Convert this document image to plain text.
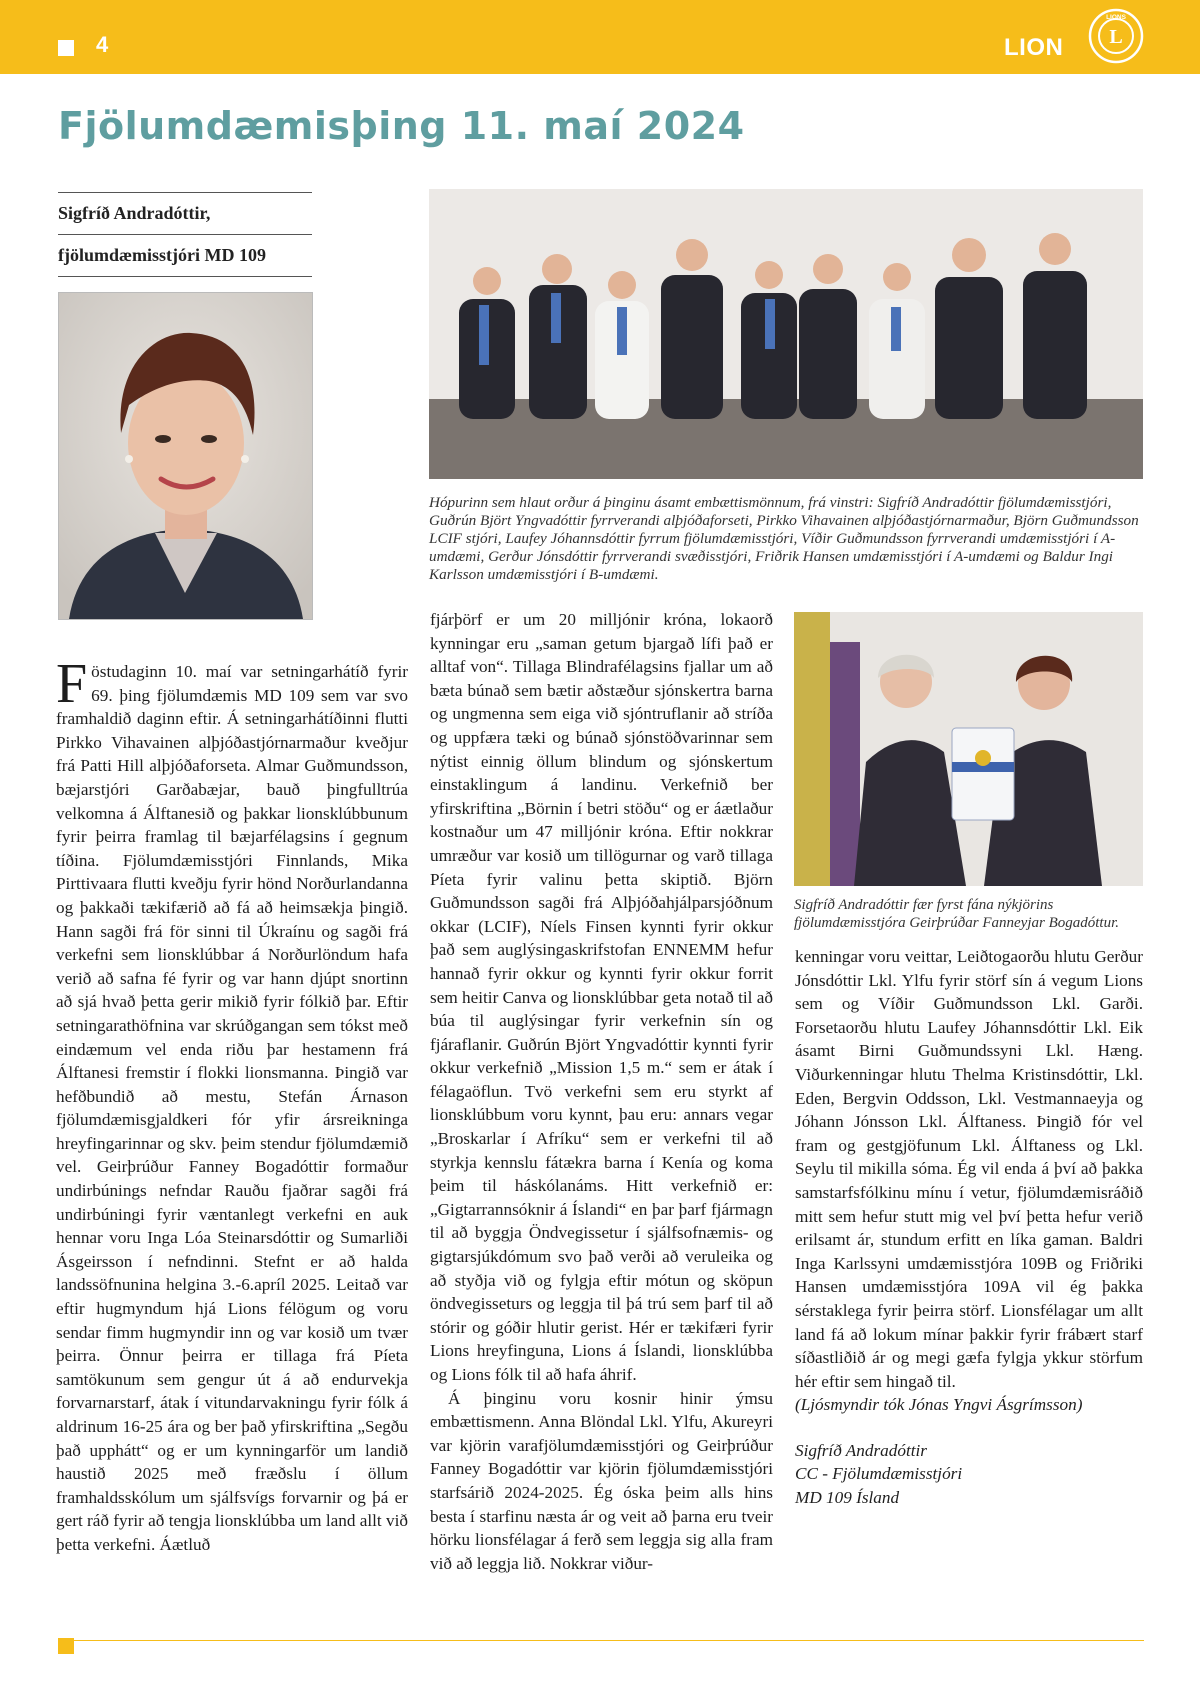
4	LION L
LIONS
Fjölumdæmisþing 11. maí 2024
Sigfríð Andradóttir,
fjölumdæmisstjóri MD 109
Hópurinn sem hlaut orður á þinginu ásamt embættismönnum, frá vinstri: Sigfríð Andradóttir fjölumdæmisstjóri, Guðrún Björt Yngvadóttir fyrrverandi alþjóðaforseti, Pirkko Vihavainen alþjóðastjórnarmaður, Björn Guðmundsson LCIF stjóri, Laufey Jóhannsdóttir fyrrum fjölumdæmisstjóri, Víðir Guðmundsson fyrrverandi umdæmisstjóri í A-umdæmi, Gerður Jónsdóttir fyrrverandi svæðisstjóri, Friðrik Hansen umdæmisstjóri í A-umdæmi og Baldur Ingi Karlsson umdæmisstjóri í B-umdæmi.
Sigfríð Andradóttir fær fyrst fána nýkjörins fjölumdæmisstjóra Geirþrúðar Fanneyjar Bogadóttur.

Föstudaginn 10. maí var setningarhátíð fyrir 69. þing fjölumdæmis MD 109 sem var svo framhaldið daginn eftir. Á setningarhátíðinni flutti Pirkko Vihavainen alþjóðastjórnarmaður kveðjur frá Patti Hill alþjóðaforseta. Almar Guðmundsson, bæjarstjóri Garðabæjar, bauð þingfulltrúa velkomna á Álftanesið og þakkar lionsklúbbunum fyrir þeirra framlag til bæjarfélagsins í gegnum tíðina. Fjölumdæmisstjóri Finnlands, Mika Pirttivaara flutti kveðju fyrir hönd Norðurlandanna og þakkaði tækifærið að fá að heimsækja þingið. Hann sagði frá för sinni til Úkraínu og sagði frá verkefni sem lionsklúbbar á Norðurlöndum hafa verið að safna fé fyrir og var hann djúpt snortinn að sjá hvað þetta gerir mikið fyrir fólkið þar. Eftir setningarathöfnina var skrúðgangan sem tókst með eindæmum vel enda riðu þar hestamenn frá Álftanesi fremstir í flokki lionsmanna. Þingið var hefðbundið að mestu, Stefán Árnason fjölumdæmisgjaldkeri fór yfir ársreikninga hreyfingarinnar og skv. þeim stendur fjölumdæmið vel. Geirþrúður Fanney Bogadóttir formaður undirbúnings nefndar Rauðu fjaðrar sagði frá undirbúningi fyrir væntanlegt verkefni en auk hennar voru Inga Lóa Steinarsdóttir og Sumarliði Ásgeirsson í nefndinni. Stefnt er að halda landssöfnunina helgina 3.-6.apríl 2025. Leitað var eftir hugmyndum hjá Lions félögum og voru sendar fimm hugmyndir inn og var kosið um tvær þeirra. Önnur þeirra er tillaga frá Píeta samtökunum sem gengur út á að endurvekja forvarnarstarf, átak í vitundarvakningu fyrir fólk á aldrinum 16-25 ára og ber það yfirskriftina „Segðu það upphátt“ og er um kynningarför um landið haustið 2025 með fræðslu í öllum framhaldsskólum um sjálfsvígs forvarnir og þá er gert ráð fyrir að tengja lionsklúbba um land allt við þetta verkefni. Áætluð

fjárþörf er um 20 milljónir króna, lokaorð kynningar eru „saman getum bjargað lífi það er alltaf von“. Tillaga Blindrafélagsins fjallar um að bæta búnað sem bætir aðstæður sjónskertra barna og ungmenna sem eiga við sjóntruflanir að stríða og uppfæra tæki og búnað sjónstöðvarinnar sem nýtist einnig öllum blindum og sjónskertum einstaklingum á landinu. Verkefnið ber yfirskriftina „Börnin í betri stöðu“ og er áætlaður kostnaður um 47 milljónir króna. Eftir nokkrar umræður var kosið um tillögurnar og varð tillaga Píeta fyrir valinu þetta skiptið. Björn Guðmundsson sagði frá Alþjóðahjálparsjóðnum okkar (LCIF), Níels Finsen kynnti fyrir okkur það sem auglýsingaskrifstofan ENNEMM hefur hannað fyrir okkur og kynnti fyrir okkur forrit sem heitir Canva og lionsklúbbar geta notað til að búa til auglýsingar fyrir verkefnin sín og fjáraflanir. Guðrún Björt Yngvadóttir kynnti fyrir okkur verkefnið „Mission 1,5 m.“ sem er átak í félagaöflun. Tvö verkefni sem eru styrkt af lionsklúbbum voru kynnt, þau eru: annars vegar „Broskarlar í Afríku“ sem er verkefni til að styrkja kennslu fátækra barna í Kenía og koma þeim til háskólanáms. Hitt verkefnið er: „Gigtarrannsóknir á Íslandi“ en þar þarf fjármagn til að byggja Öndvegissetur í sjálfsofnæmis- og gigtarsjúkdómum svo það verði að veruleika og að styðja við og fylgja eftir mótun og sköpun öndvegisseturs og leggja til þá trú sem þarf til að stórir og góðir hlutir gerist. Hér er tækifæri fyrir Lions hreyfinguna, Lions á Íslandi, lionsklúbba og Lions fólk til að hafa áhrif.

Á þinginu voru kosnir hinir ýmsu embættismenn. Anna Blöndal Lkl. Ylfu, Akureyri var kjörin varafjölumdæmisstjóri og Geirþrúður Fanney Bogadóttir var kjörin fjölumdæmisstjóri starfsárið 2024-2025. Ég óska þeim alls hins besta í starfinu næsta ár og veit að þarna eru tveir hörku lionsfélagar á ferð sem leggja sig alla fram við að leggja lið. Nokkrar viður-

kenningar voru veittar, Leiðtogaorðu hlutu Gerður Jónsdóttir Lkl. Ylfu fyrir störf sín á vegum Lions sem og Víðir Guðmundsson Lkl. Garði. Forsetaorðu hlutu Laufey Jóhannsdóttir Lkl. Eik ásamt Birni Guðmundssyni Lkl. Hæng. Viðurkenningar hlutu Thelma Kristinsdóttir, Lkl. Eden, Bergvin Oddsson, Lkl. Vestmannaeyja og Jóhann Jónsson Lkl. Álftaness. Þingið fór vel fram og gestgjöfunum Lkl. Álftaness og Lkl. Seylu til mikilla sóma. Ég vil enda á því að þakka samstarfsfólkinu mínu í vetur, fjölumdæmisráðið mitt sem hefur stutt mig vel því þetta hefur verið erilsamt ár, stundum erfitt en líka gaman. Baldri Inga Karlssyni umdæmisstjóra 109B og Friðriki Hansen umdæmisstjóra 109A vil ég þakka sérstaklega fyrir þeirra störf. Lionsfélagar um allt land fá að lokum mínar þakkir fyrir frábært starf síðastliðið ár og megi gæfa fylgja ykkur störfum hér eftir sem hingað til.

(Ljósmyndir tók Jónas Yngvi Ásgrímsson)

Sigfríð Andradóttir

CC - Fjölumdæmisstjóri

MD 109 Ísland
